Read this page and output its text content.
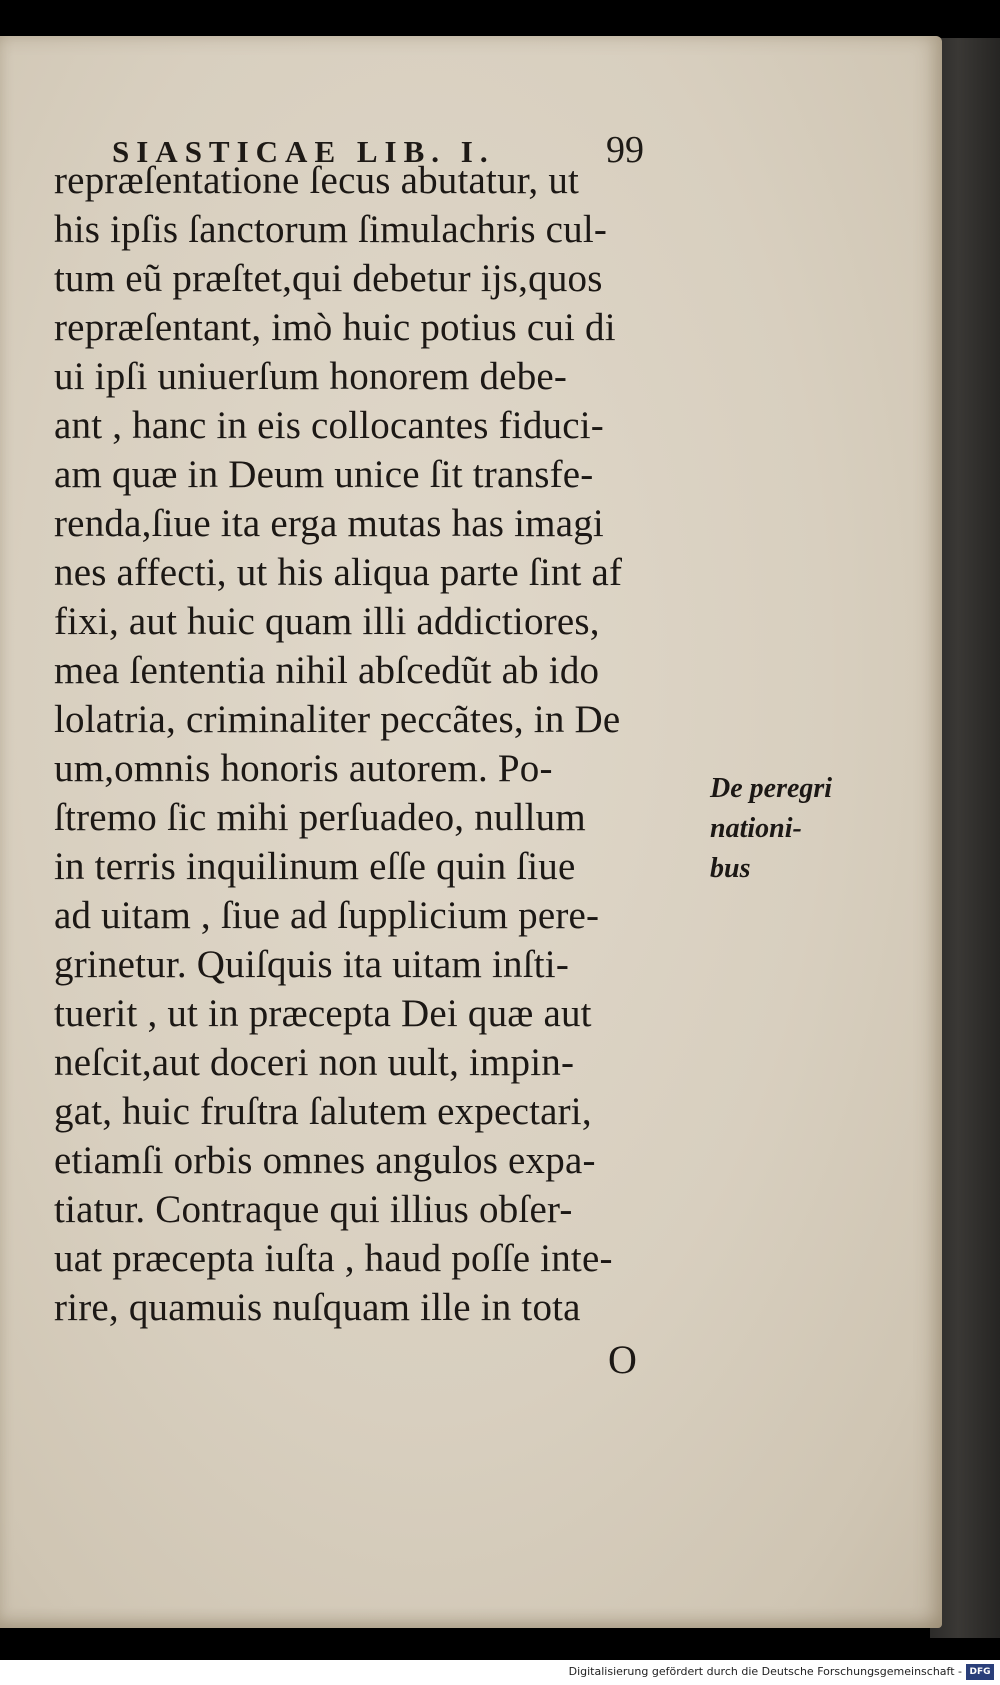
SIASTICAE LIB. I.	99
repræſentatione ſecus abutatur, ut
his ipſis ſanctorum ſimulachris cul-
tum eũ præſtet,qui debetur ijs,quos
repræſentant, imò huic potius cui di
ui ipſi uniuerſum honorem debe-
ant , hanc in eis collocantes fiduci-
am quæ in Deum unice ſit transfe-
renda,ſiue ita erga mutas has imagi
nes affecti, ut his aliqua parte ſint af
fixi, aut huic quam illi addictiores,
mea ſententia nihil abſcedũt ab ido
lolatria, criminaliter peccãtes, in De
um,omnis honoris autorem. Po-
ſtremo ſic mihi perſuadeo, nullum
in terris inquilinum eſſe quin ſiue
ad uitam , ſiue ad ſupplicium pere-
grinetur. Quiſquis ita uitam inſti-
tuerit , ut in præcepta Dei quæ aut
neſcit,aut doceri non uult, impin-
gat, huic fruſtra ſalutem expectari,
etiamſi orbis omnes angulos expa-
tiatur. Contraque qui illius obſer-
uat præcepta iuſta , haud poſſe inte-
rire, quamuis nuſquam ille in tota
De peregri
nationi-
bus
O
Digitalisierung gefördert durch die Deutsche Forschungsgemeinschaft - DFG
